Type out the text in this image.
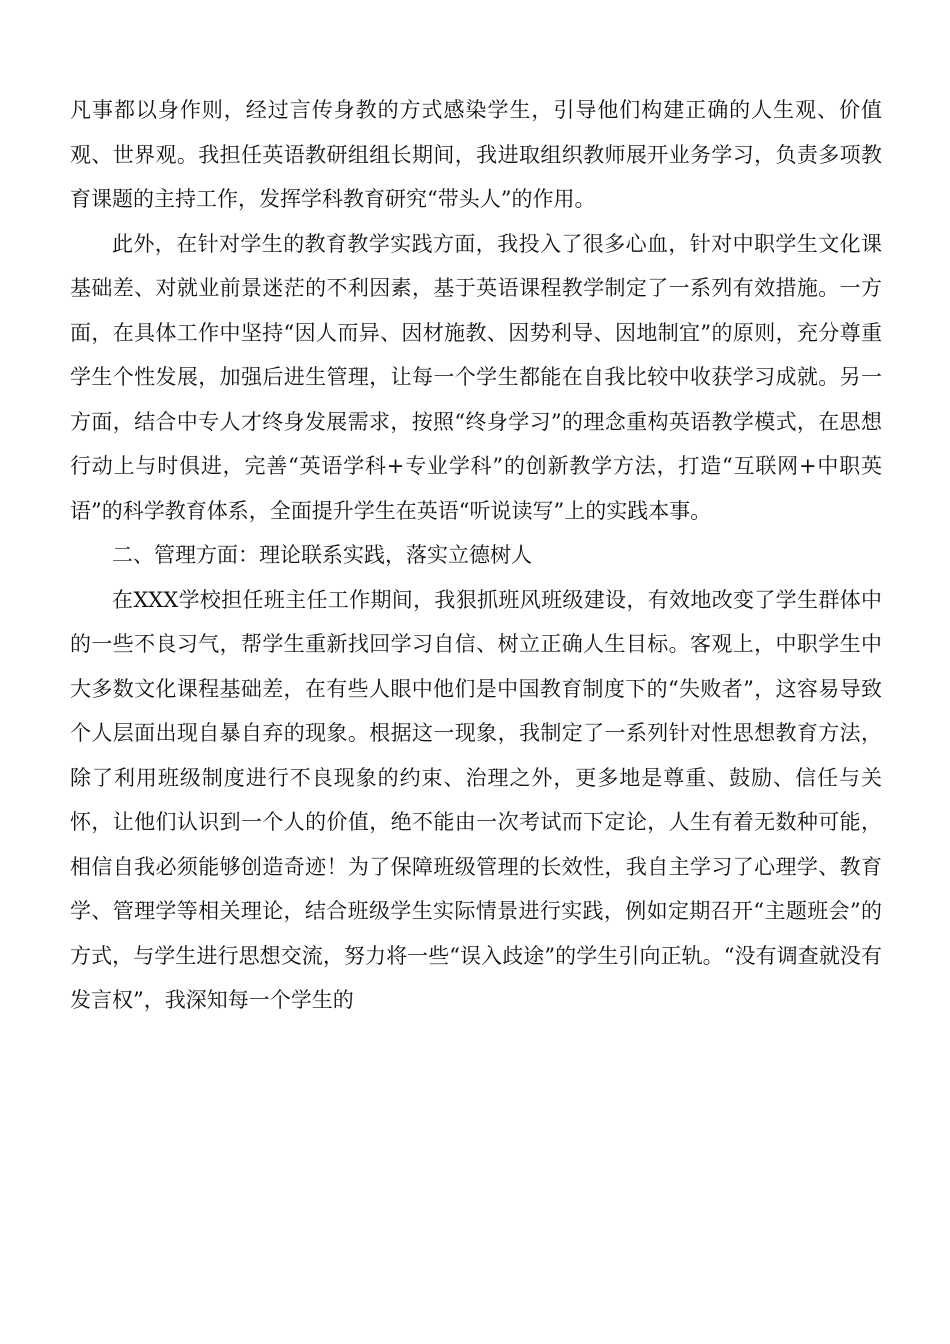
凡事都以身作则，经过言传身教的方式感染学生，引导他们构建正确的人生观、价值观、世界观。我担任英语教研组组长期间，我进取组织教师展开业务学习，负责多项教育课题的主持工作，发挥学科教育研究“带头人”的作用。

此外，在针对学生的教育教学实践方面，我投入了很多心血，针对中职学生文化课基础差、对就业前景迷茫的不利因素，基于英语课程教学制定了一系列有效措施。一方面，在具体工作中坚持“因人而异、因材施教、因势利导、因地制宜”的原则，充分尊重学生个性发展，加强后进生管理，让每一个学生都能在自我比较中收获学习成就。另一方面，结合中专人才终身发展需求，按照“终身学习”的理念重构英语教学模式，在思想行动上与时俱进，完善“英语学科+专业学科”的创新教学方法，打造“互联网+中职英语”的科学教育体系，全面提升学生在英语“听说读写”上的实践本事。

二、管理方面：理论联系实践，落实立德树人

在XXX学校担任班主任工作期间，我狠抓班风班级建设，有效地改变了学生群体中的一些不良习气，帮学生重新找回学习自信、树立正确人生目标。客观上，中职学生中大多数文化课程基础差，在有些人眼中他们是中国教育制度下的“失败者”，这容易导致个人层面出现自暴自弃的现象。根据这一现象，我制定了一系列针对性思想教育方法，除了利用班级制度进行不良现象的约束、治理之外，更多地是尊重、鼓励、信任与关怀，让他们认识到一个人的价值，绝不能由一次考试而下定论，人生有着无数种可能，相信自我必须能够创造奇迹！为了保障班级管理的长效性，我自主学习了心理学、教育学、管理学等相关理论，结合班级学生实际情景进行实践，例如定期召开“主题班会”的方式，与学生进行思想交流，努力将一些“误入歧途”的学生引向正轨。“没有调查就没有发言权”，我深知每一个学生的
